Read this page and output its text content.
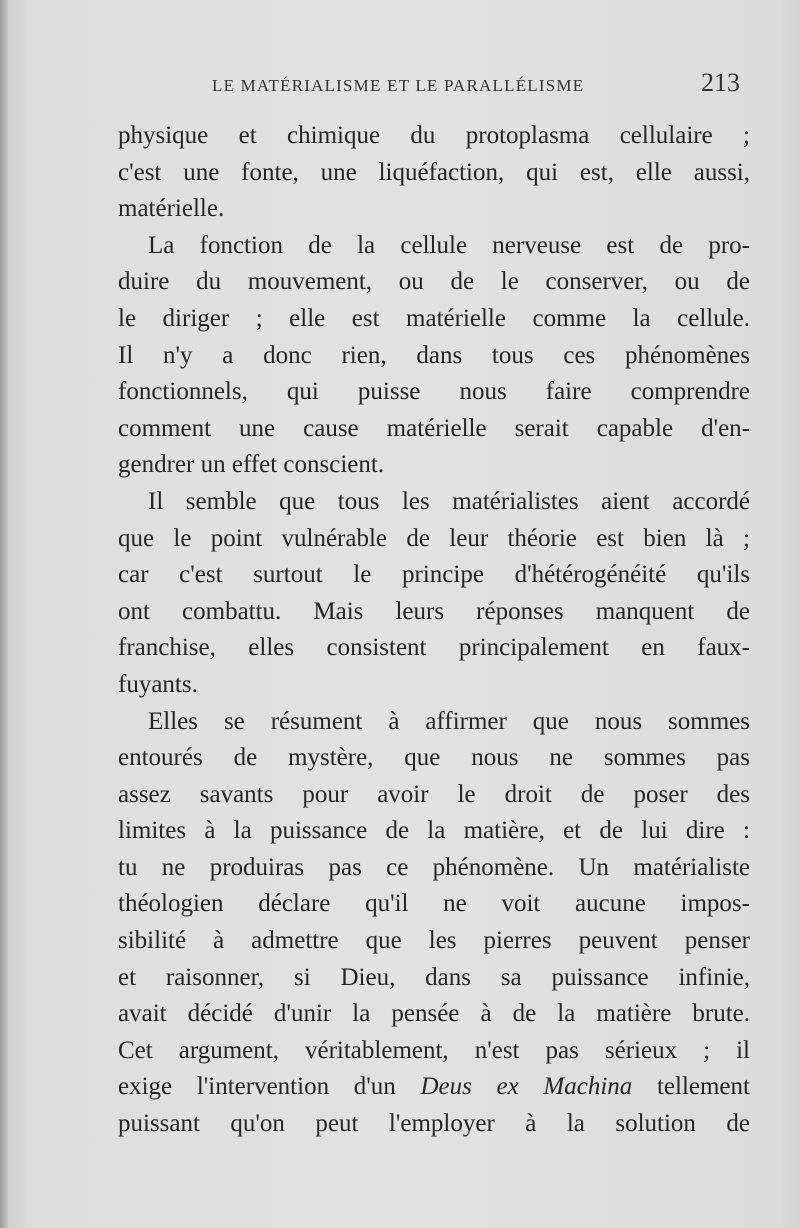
LE MATÉRIALISME ET LE PARALLÉLISME	213
physique et chimique du protoplasma cellulaire ;
c'est une fonte, une liquéfaction, qui est, elle aussi,
matérielle.
La fonction de la cellule nerveuse est de pro-
duire du mouvement, ou de le conserver, ou de
le diriger ; elle est matérielle comme la cellule.
Il n'y a donc rien, dans tous ces phénomènes
fonctionnels, qui puisse nous faire comprendre
comment une cause matérielle serait capable d'en-
gendrer un effet conscient.
Il semble que tous les matérialistes aient accordé
que le point vulnérable de leur théorie est bien là ;
car c'est surtout le principe d'hétérogénéité qu'ils
ont combattu. Mais leurs réponses manquent de
franchise, elles consistent principalement en faux-
fuyants.
Elles se résument à affirmer que nous sommes
entourés de mystère, que nous ne sommes pas
assez savants pour avoir le droit de poser des
limites à la puissance de la matière, et de lui dire :
tu ne produiras pas ce phénomène. Un matérialiste
théologien déclare qu'il ne voit aucune impos-
sibilité à admettre que les pierres peuvent penser
et raisonner, si Dieu, dans sa puissance infinie,
avait décidé d'unir la pensée à de la matière brute.
Cet argument, véritablement, n'est pas sérieux ; il
exige l'intervention d'un Deus ex Machina tellement
puissant qu'on peut l'employer à la solution de
